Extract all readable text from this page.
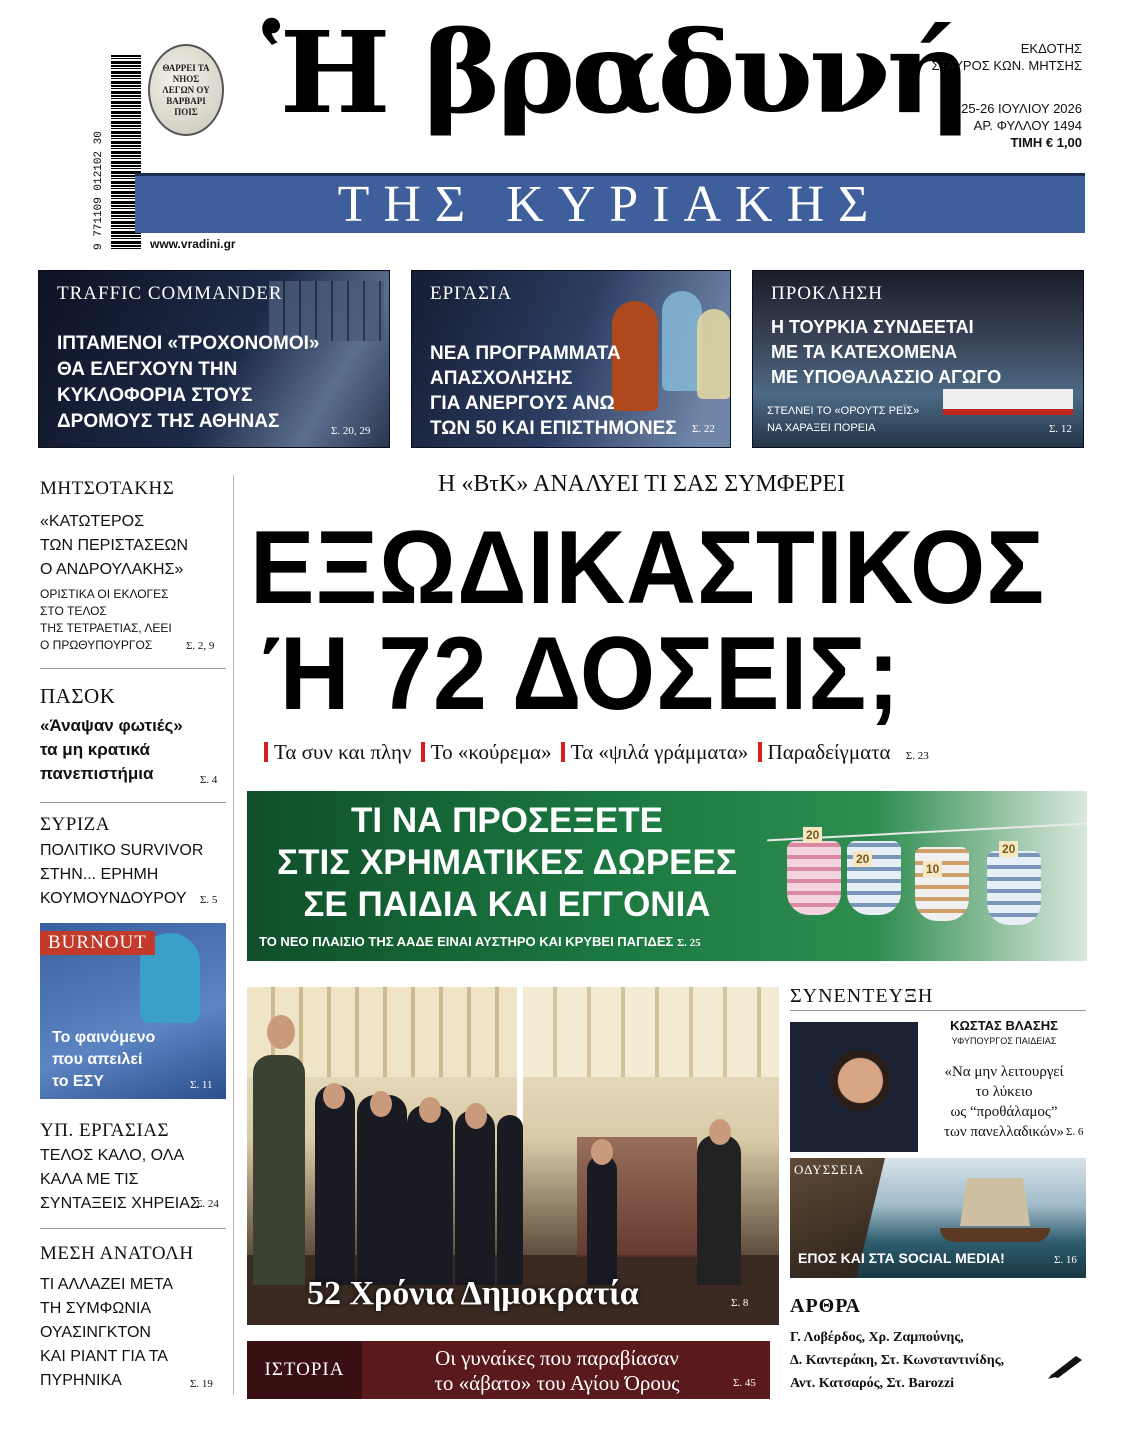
9 771109 012102 30
ΘΑΡΡΕΙ ΤΑ ΝΗΟΣ ΛΕΓΩΝ ΟΥ ΒΑΡΒΑΡΙ ΠΟΙΣ Ἡ βραδυνή
ΤΗΣ ΚΥΡΙΑΚΗΣ
www.vradini.gr
ΕΚΔΟΤΗΣ
ΣΤΑΥΡΟΣ ΚΩΝ. ΜΗΤΣΗΣ
25-26 ΙΟΥΛΙΟΥ 2026
ΑΡ. ΦΥΛΛΟΥ 1494
ΤΙΜΗ € 1,00
TRAFFIC COMMANDER
ΙΠΤΑΜΕΝΟΙ «ΤΡΟΧΟΝΟΜΟΙ»
ΘΑ ΕΛΕΓΧΟΥΝ ΤΗΝ
ΚΥΚΛΟΦΟΡΙΑ ΣΤΟΥΣ
ΔΡΟΜΟΥΣ ΤΗΣ ΑΘΗΝΑΣ	Σ. 20, 29
ΕΡΓΑΣΙΑ
ΝΕΑ ΠΡΟΓΡΑΜΜΑΤΑ
ΑΠΑΣΧΟΛΗΣΗΣ
ΓΙΑ ΑΝΕΡΓΟΥΣ ΑΝΩ
ΤΩΝ 50 ΚΑΙ ΕΠΙΣΤΗΜΟΝΕΣ Σ. 22
ΠΡΟΚΛΗΣΗ
Η ΤΟΥΡΚΙΑ ΣΥΝΔΕΕΤΑΙ
ΜΕ ΤΑ ΚΑΤΕΧΟΜΕΝΑ
ΜΕ ΥΠΟΘΑΛΑΣΣΙΟ ΑΓΩΓΟ
ΣΤΕΛΝΕΙ ΤΟ «ΟΡΟΥΤΣ ΡΕΪΣ»
ΝΑ ΧΑΡΑΞΕΙ ΠΟΡΕΙΑ	Σ. 12
ΜΗΤΣΟΤΑΚΗΣ
«ΚΑΤΩΤΕΡΟΣ
ΤΩΝ ΠΕΡΙΣΤΑΣΕΩΝ
Ο ΑΝΔΡΟΥΛΑΚΗΣ»
ΟΡΙΣΤΙΚΑ ΟΙ ΕΚΛΟΓΕΣ
ΣΤΟ ΤΕΛΟΣ
ΤΗΣ ΤΕΤΡΑΕΤΙΑΣ, ΛΕΕΙ
Ο ΠΡΩΘΥΠΟΥΡΓΟΣ	Σ. 2, 9
ΠΑΣΟΚ
«Άναψαν φωτιές»
τα μη κρατικά
πανεπιστήμια	Σ. 4
ΣΥΡΙΖΑ
ΠΟΛΙΤΙΚΟ SURVIVOR
ΣΤΗΝ... ΕΡΗΜΗ
ΚΟΥΜΟΥΝΔΟΥΡΟΥ	Σ. 5
BURNOUT
Το φαινόμενο
που απειλεί
το ΕΣΥ	Σ. 11
ΥΠ. ΕΡΓΑΣΙΑΣ
ΤΕΛΟΣ ΚΑΛΟ, ΟΛΑ
ΚΑΛΑ ΜΕ ΤΙΣ
ΣΥΝΤΑΞΕΙΣ ΧΗΡΕΙΑΣ
Σ. 24
ΜΕΣΗ ΑΝΑΤΟΛΗ
ΤΙ ΑΛΛΑΖΕΙ ΜΕΤΑ
ΤΗ ΣΥΜΦΩΝΙΑ
ΟΥΑΣΙΝΓΚΤΟΝ
ΚΑΙ ΡΙΑΝΤ ΓΙΑ ΤΑ
ΠΥΡΗΝΙΚΑ	Σ. 19
Η «ΒτΚ» ΑΝΑΛΥΕΙ ΤΙ ΣΑΣ ΣΥΜΦΕΡΕΙ
ΕΞΩΔΙΚΑΣΤΙΚΟΣ
Ή 72 ΔΟΣΕΙΣ;
Τα συν και πλην Το «κούρεμα» Τα «ψιλά γράμματα» Παραδείγματα Σ. 23
20
20
10
20
ΤΙ ΝΑ ΠΡΟΣΕΞΕΤΕ
ΣΤΙΣ ΧΡΗΜΑΤΙΚΕΣ ΔΩΡΕΕΣ
ΣΕ ΠΑΙΔΙΑ ΚΑΙ ΕΓΓΟΝΙΑ
ΤΟ ΝΕΟ ΠΛΑΙΣΙΟ ΤΗΣ ΑΑΔΕ ΕΙΝΑΙ ΑΥΣΤΗΡΟ ΚΑΙ ΚΡΥΒΕΙ ΠΑΓΙΔΕΣ Σ. 25
52 Χρόνια Δημοκρατία	Σ. 8
ΙΣΤΟΡΙΑ	Οι γυναίκες που παραβίασαν
το «άβατο» του Αγίου Όρους	Σ. 45
ΣΥΝΕΝΤΕΥΞΗ
ΚΩΣΤΑΣ ΒΛΑΣΗΣ
ΥΦΥΠΟΥΡΓΟΣ ΠΑΙΔΕΙΑΣ
«Να μην λειτουργεί
το λύκειο
ως “προθάλαμος”
των πανελλαδικών» Σ. 6
ΟΔΥΣΣΕΙΑ
ΕΠΟΣ ΚΑΙ ΣΤΑ SOCIAL MEDIA!	Σ. 16
ΑΡΘΡΑ
Γ. Λοβέρδος, Χρ. Ζαμπούνης,
Δ. Καντεράκη, Στ. Κωνσταντινίδης,
Αντ. Κατσαρός, Στ. Barozzi
